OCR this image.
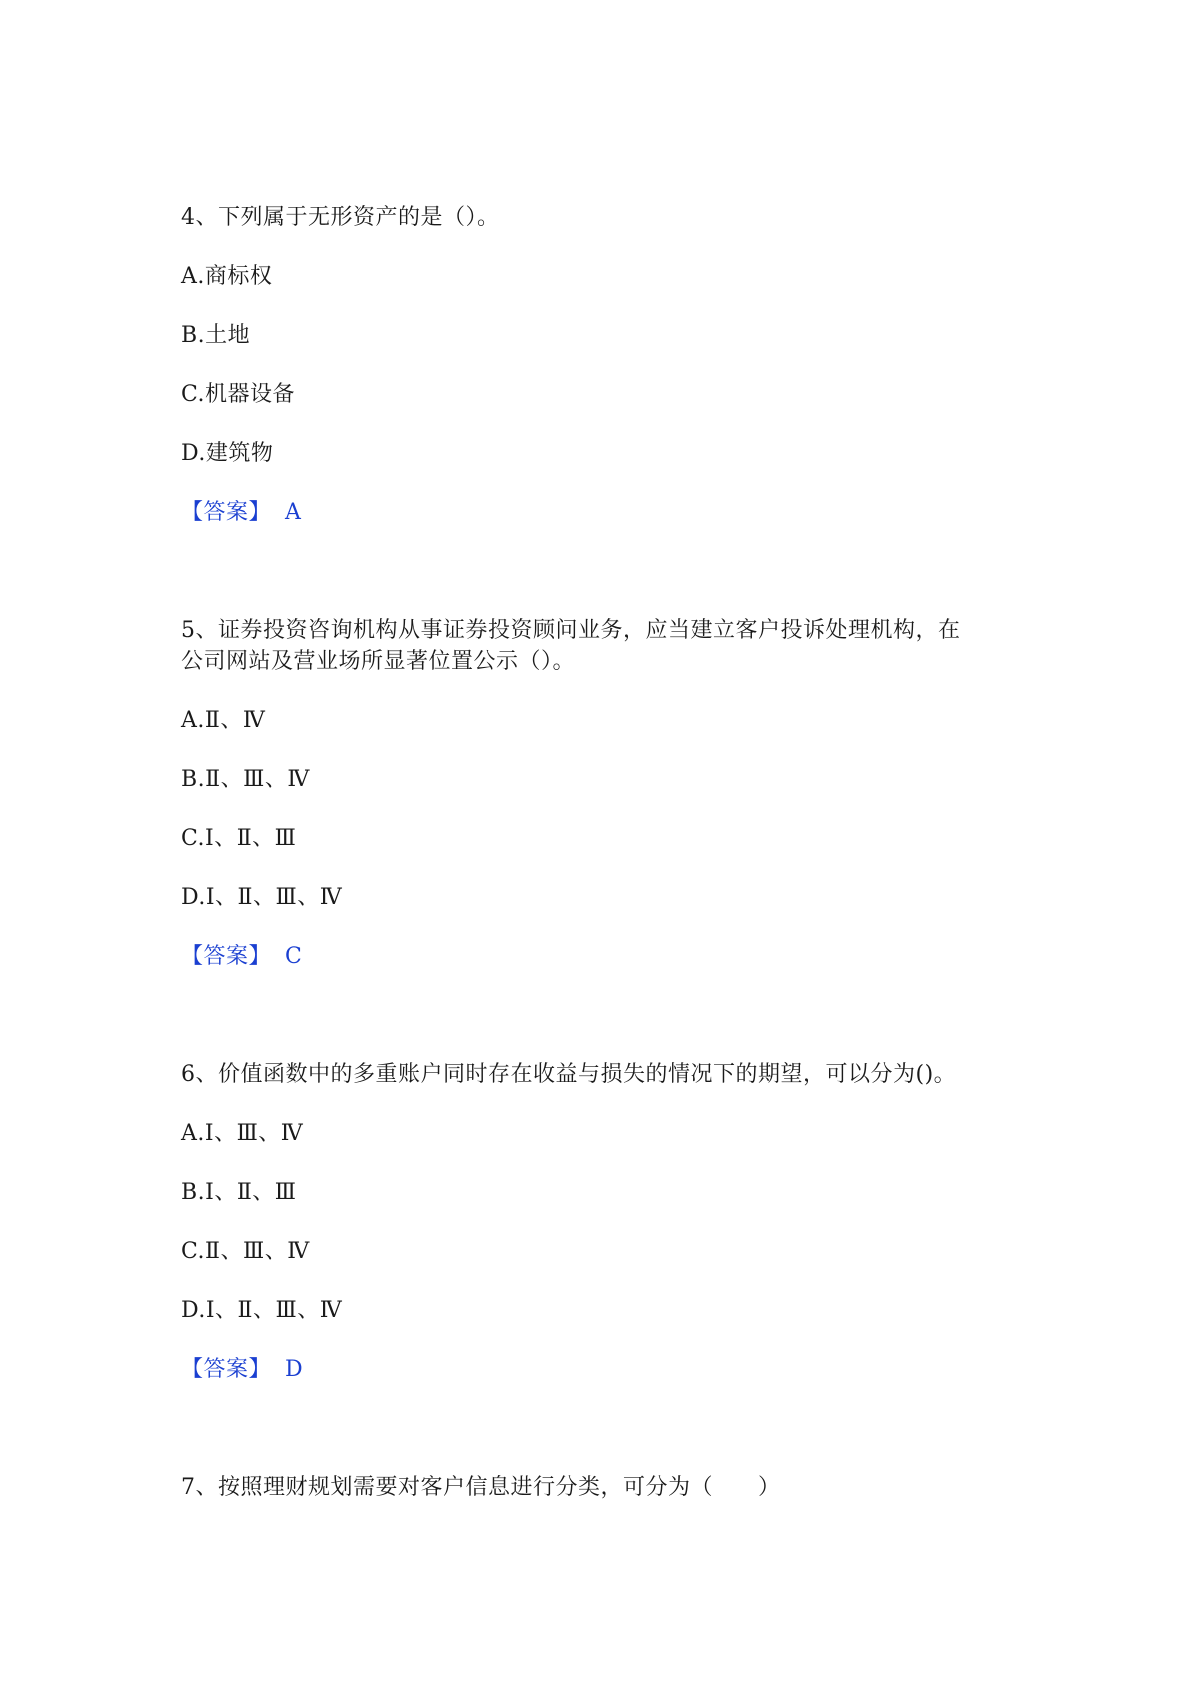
4、下列属于无形资产的是（）。
A.商标权
B.土地
C.机器设备
D.建筑物
【答案】 A
5、证券投资咨询机构从事证券投资顾问业务，应当建立客户投诉处理机构，在
公司网站及营业场所显著位置公示（）。
A.Ⅱ、Ⅳ
B.Ⅱ、Ⅲ、Ⅳ
C.Ⅰ、Ⅱ、Ⅲ
D.Ⅰ、Ⅱ、Ⅲ、Ⅳ
【答案】 C
6、价值函数中的多重账户同时存在收益与损失的情况下的期望，可以分为()。
A.Ⅰ、Ⅲ、Ⅳ
B.Ⅰ、Ⅱ、Ⅲ
C.Ⅱ、Ⅲ、Ⅳ
D.Ⅰ、Ⅱ、Ⅲ、Ⅳ
【答案】 D
7、按照理财规划需要对客户信息进行分类，可分为（　　）
